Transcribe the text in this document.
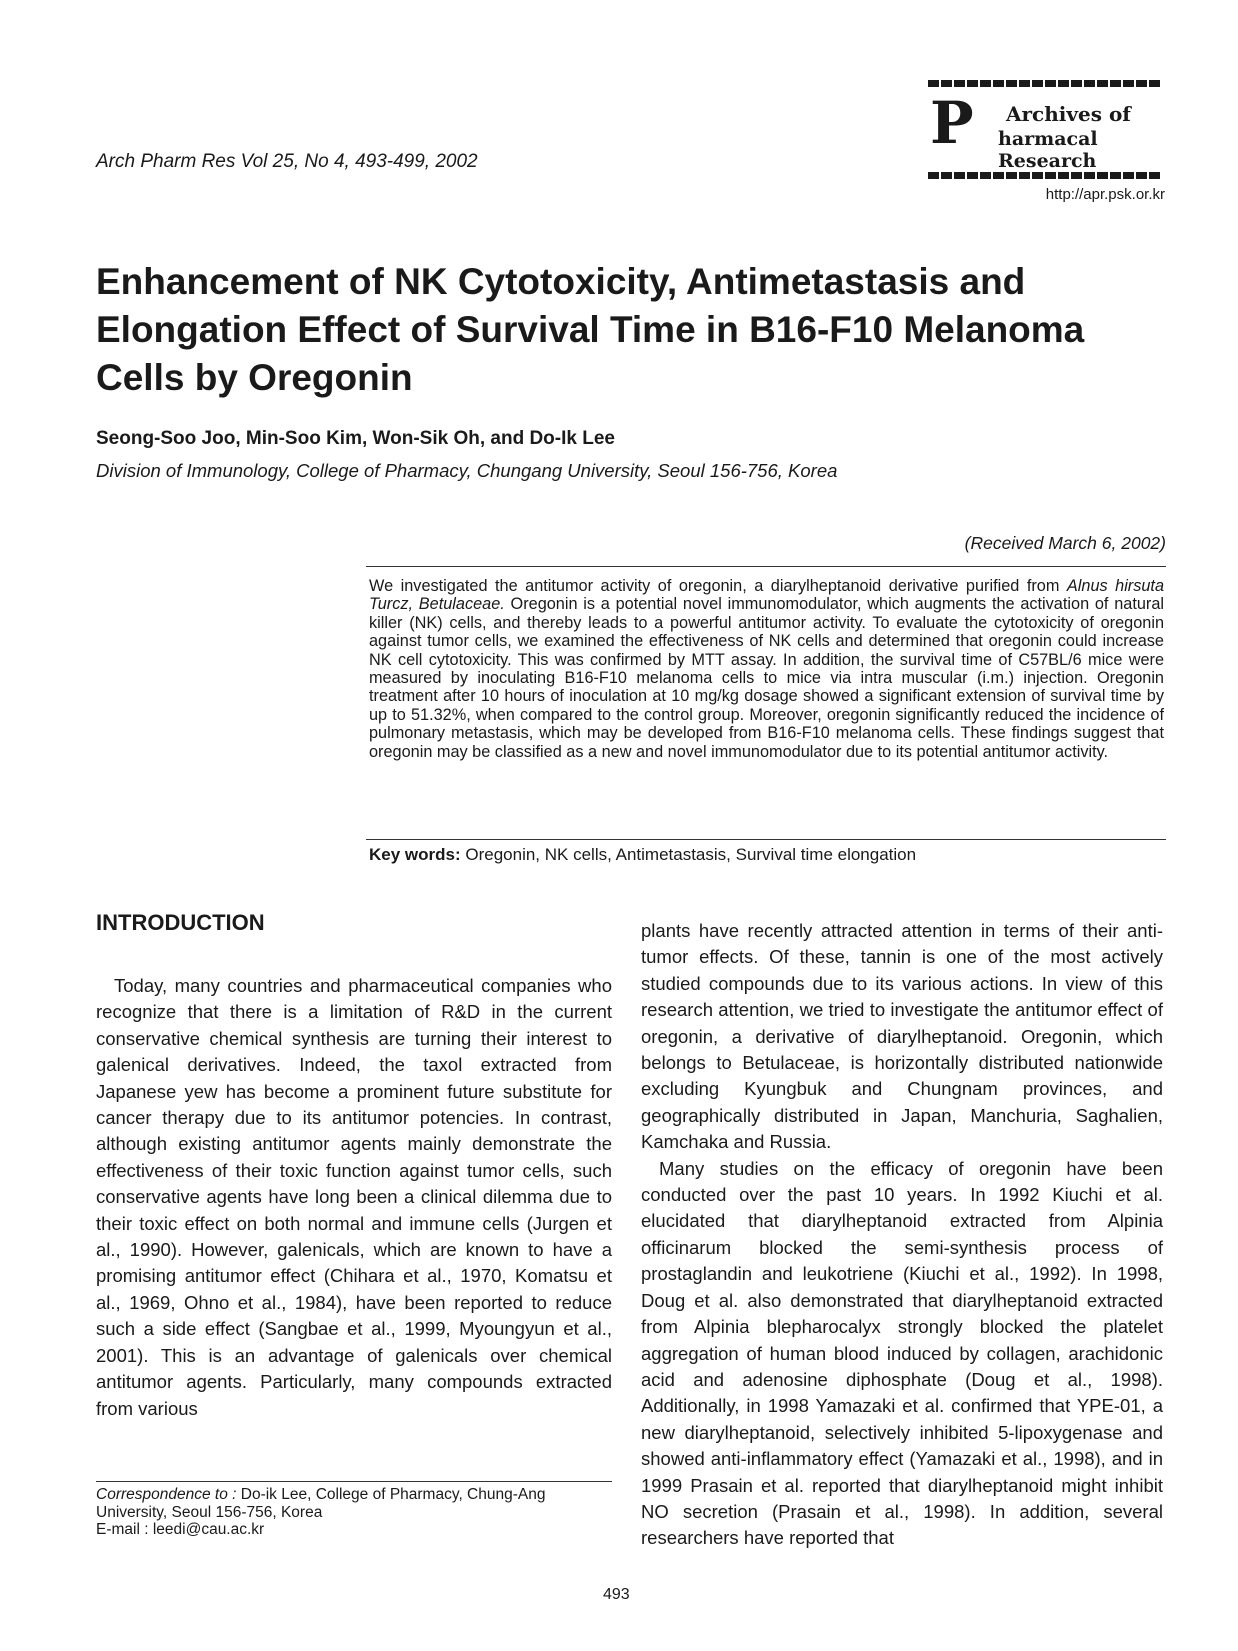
Arch Pharm Res Vol 25, No 4, 493-499, 2002
P Archives of
harmacal Research
http://apr.psk.or.kr
Enhancement of NK Cytotoxicity, Antimetastasis and Elongation Effect of Survival Time in B16-F10 Melanoma Cells by Oregonin
Seong-Soo Joo, Min-Soo Kim, Won-Sik Oh, and Do-Ik Lee
Division of Immunology, College of Pharmacy, Chungang University, Seoul 156-756, Korea
(Received March 6, 2002)

We investigated the antitumor activity of oregonin, a diarylheptanoid derivative purified from Alnus hirsuta Turcz, Betulaceae. Oregonin is a potential novel immunomodulator, which augments the activation of natural killer (NK) cells, and thereby leads to a powerful antitumor activity. To evaluate the cytotoxicity of oregonin against tumor cells, we examined the effectiveness of NK cells and determined that oregonin could increase NK cell cytotoxicity. This was confirmed by MTT assay. In addition, the survival time of C57BL/6 mice were measured by inoculating B16-F10 melanoma cells to mice via intra muscular (i.m.) injection. Oregonin treatment after 10 hours of inoculation at 10 mg/kg dosage showed a significant extension of survival time by up to 51.32%, when compared to the control group. Moreover, oregonin significantly reduced the incidence of pulmonary metastasis, which may be developed from B16-F10 melanoma cells. These findings suggest that oregonin may be classified as a new and novel immunomodulator due to its potential antitumor activity.

Key words: Oregonin, NK cells, Antimetastasis, Survival time elongation
INTRODUCTION

Today, many countries and pharmaceutical companies who recognize that there is a limitation of R&D in the current conservative chemical synthesis are turning their interest to galenical derivatives. Indeed, the taxol extracted from Japanese yew has become a prominent future substitute for cancer therapy due to its antitumor potencies. In contrast, although existing antitumor agents mainly demonstrate the effectiveness of their toxic function against tumor cells, such conservative agents have long been a clinical dilemma due to their toxic effect on both normal and immune cells (Jurgen et al., 1990). However, galenicals, which are known to have a promising antitumor effect (Chihara et al., 1970, Komatsu et al., 1969, Ohno et al., 1984), have been reported to reduce such a side effect (Sangbae et al., 1999, Myoungyun et al., 2001). This is an advantage of galenicals over chemical antitumor agents. Particularly, many compounds extracted from various

plants have recently attracted attention in terms of their anti-tumor effects. Of these, tannin is one of the most actively studied compounds due to its various actions. In view of this research attention, we tried to investigate the antitumor effect of oregonin, a derivative of diarylheptanoid. Oregonin, which belongs to Betulaceae, is horizontally distributed nationwide excluding Kyungbuk and Chungnam provinces, and geographically distributed in Japan, Manchuria, Saghalien, Kamchaka and Russia.

Many studies on the efficacy of oregonin have been conducted over the past 10 years. In 1992 Kiuchi et al. elucidated that diarylheptanoid extracted from Alpinia officinarum blocked the semi-synthesis process of prostaglandin and leukotriene (Kiuchi et al., 1992). In 1998, Doug et al. also demonstrated that diarylheptanoid extracted from Alpinia blepharocalyx strongly blocked the platelet aggregation of human blood induced by collagen, arachidonic acid and adenosine diphosphate (Doug et al., 1998). Additionally, in 1998 Yamazaki et al. confirmed that YPE-01, a new diarylheptanoid, selectively inhibited 5-lipoxygenase and showed anti-inflammatory effect (Yamazaki et al., 1998), and in 1999 Prasain et al. reported that diarylheptanoid might inhibit NO secretion (Prasain et al., 1998). In addition, several researchers have reported that

Correspondence to : Do-ik Lee, College of Pharmacy, Chung-Ang University, Seoul 156-756, Korea
E-mail : leedi@cau.ac.kr
493
